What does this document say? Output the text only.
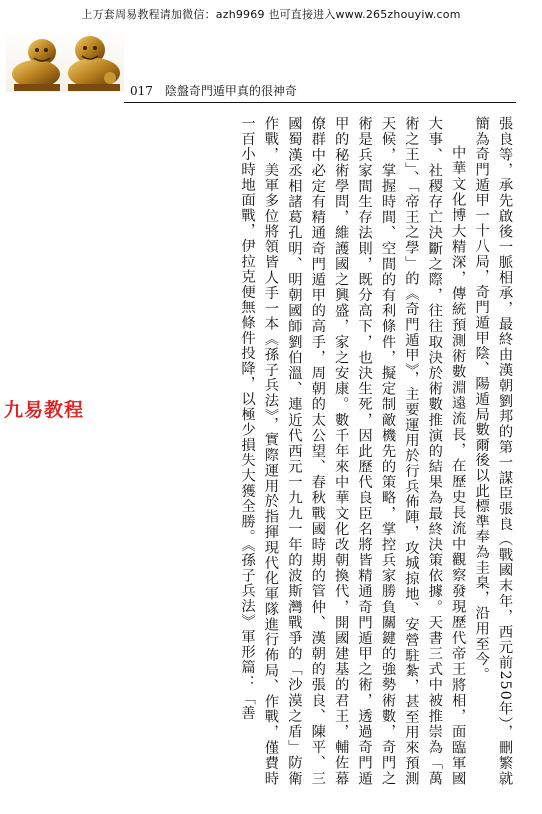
上万套周易教程请加微信：azh9969 也可直接进入www.265zhouyiw.com
017 陰盤奇門遁甲真的很神奇

張良等，承先啟後一脈相承，最終由漢朝劉邦的第一謀臣張良（戰國末年，西元前250年），刪繁就簡為奇門遁甲一十八局，奇門遁甲陰、陽遁局數爾後以此標準奉為圭臬，沿用至今。

中華文化博大精深，傳統預測術數淵遠流長，在歷史長流中觀察發現歷代帝王將相，面臨軍國大事、社稷存亡決斷之際，往往取決於術數推演的結果為最終決策依據。天書三式中被推崇為「萬術之王」、「帝王之學」的《奇門遁甲》，主要運用於行兵佈陣，攻城掠地、安營駐紮，甚至用來預測天候，掌握時間、空間的有利條件，擬定制敵機先的策略，掌控兵家勝負關鍵的強勢術數，奇門之術是兵家間生存法則，既分高下，也決生死，因此歷代良臣名將皆精通奇門遁甲之術，透過奇門遁甲的秘術學問，維護國之興盛，家之安康。數千年來中華文化改朝換代，開國建基的君王，輔佐幕僚群中必定有精通奇門遁甲的高手，周朝的太公望、春秋戰國時期的管仲、漢朝的張良、陳平、三國蜀漢丞相諸葛孔明、明朝國師劉伯溫、連近代西元一九九一年的波斯灣戰爭的「沙漠之盾」防衛作戰，美軍多位將領皆人手一本《孫子兵法》，實際運用於指揮現代化軍隊進行佈局、作戰，僅費時一百小時地面戰，伊拉克便無條件投降，以極少損失大獲全勝。《孫子兵法》軍形篇：「善

九易教程
